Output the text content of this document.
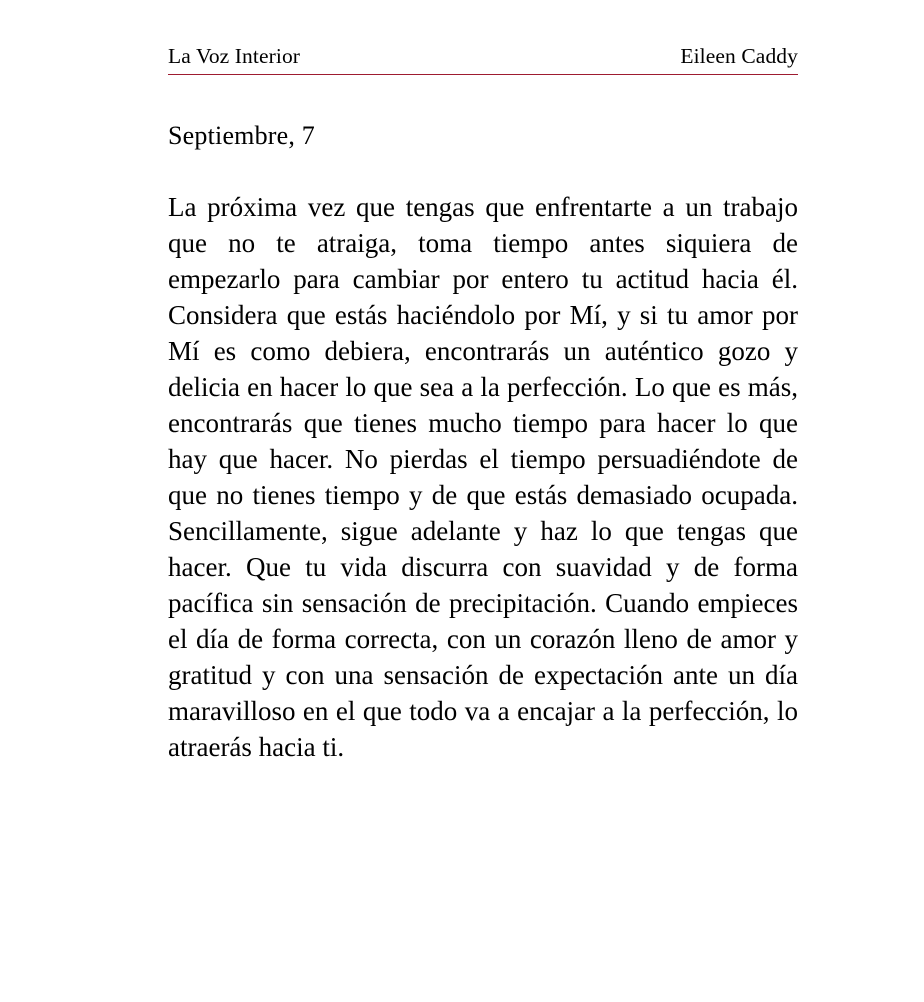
La Voz Interior	Eileen Caddy
Septiembre, 7
La próxima vez que tengas que enfrentarte a un trabajo que no te atraiga, toma tiempo antes siquiera de empezarlo para cambiar por entero tu actitud hacia él. Considera que estás haciéndolo por Mí, y si tu amor por Mí es como debiera, encontrarás un auténtico gozo y delicia en hacer lo que sea a la perfección. Lo que es más, encontrarás que tienes mucho tiempo para hacer lo que hay que hacer. No pierdas el tiempo persuadiéndote de que no tienes tiempo y de que estás demasiado ocupada. Sencillamente, sigue adelante y haz lo que tengas que hacer. Que tu vida discurra con suavidad y de forma pacífica sin sensación de precipitación. Cuando empieces el día de forma correcta, con un corazón lleno de amor y gratitud y con una sensación de expectación ante un día maravilloso en el que todo va a encajar a la perfección, lo atraerás hacia ti.
